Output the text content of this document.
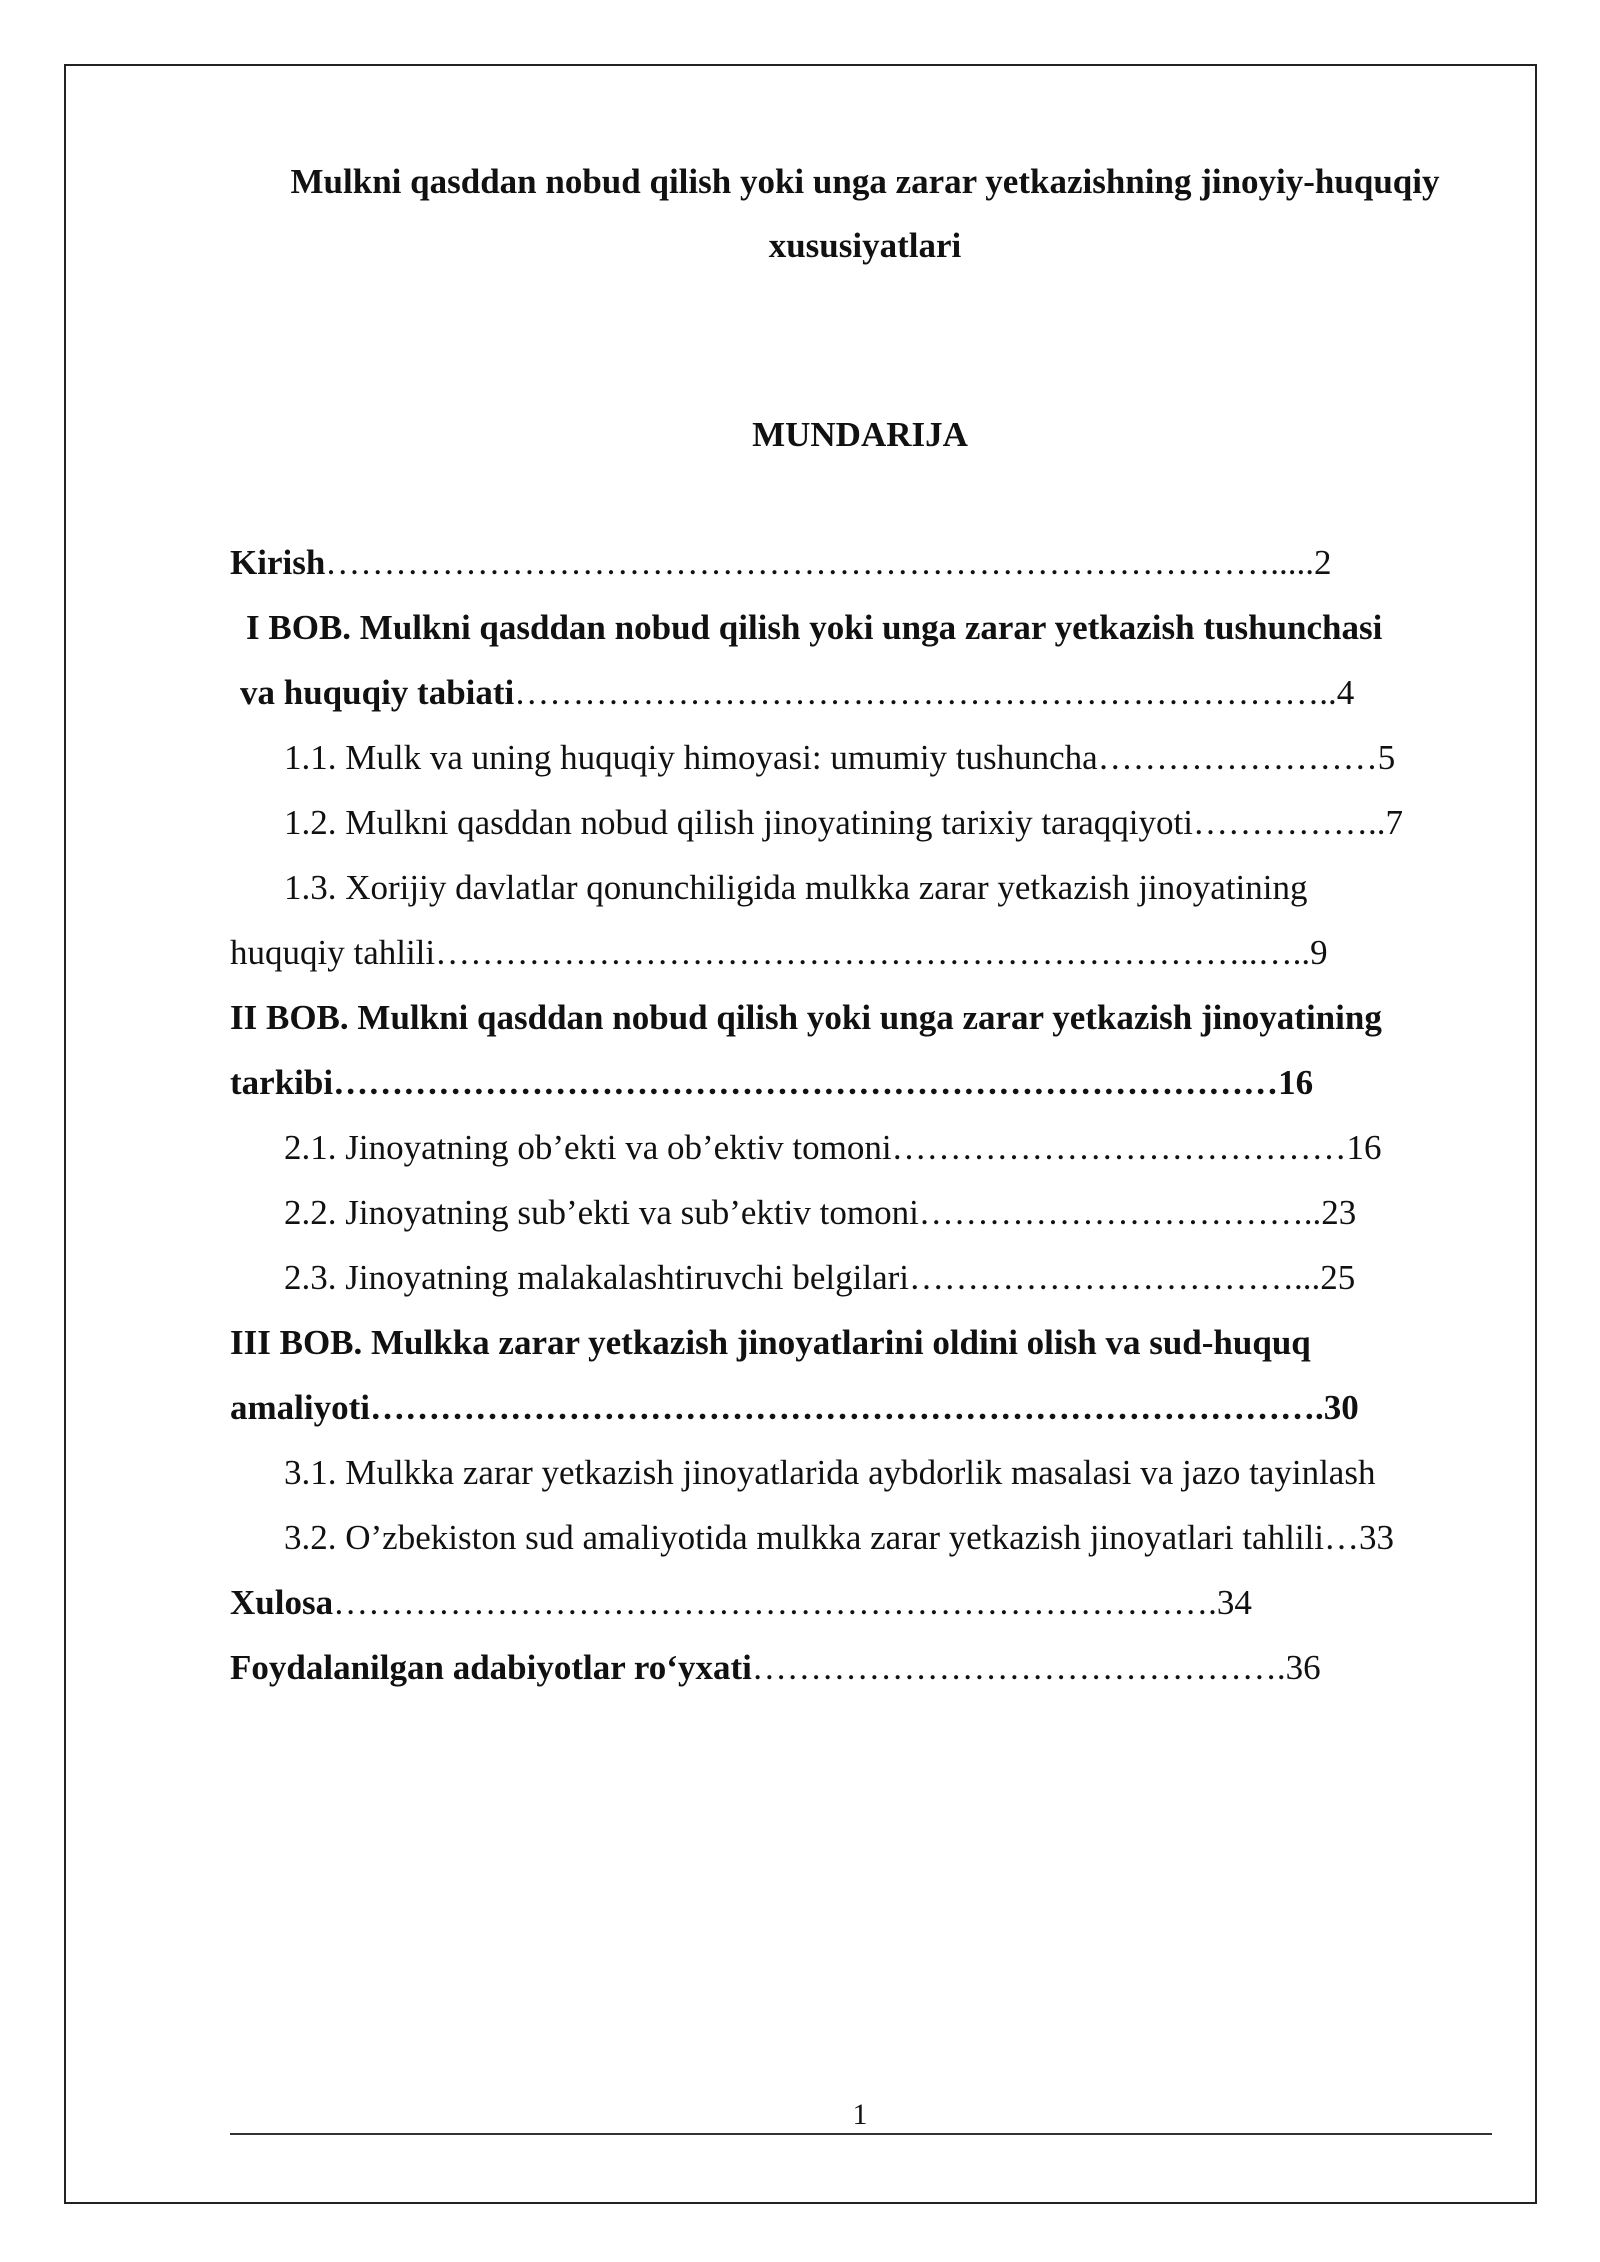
Mulkni qasddan nobud qilish yoki unga zarar yetkazishning jinoyiy-huquqiy
xususiyatlari
MUNDARIJA
Kirish……………………………………………………………………….....2
I BOB. Mulkni qasddan nobud qilish yoki unga zarar yetkazish tushunchasi
va huquqiy tabiati……………………………………………………………..4
1.1. Mulk va uning huquqiy himoyasi: umumiy tushuncha……………………5
1.2. Mulkni qasddan nobud qilish jinoyatining tarixiy taraqqiyoti……………..7
1.3. Xorijiy davlatlar qonunchiligida mulkka zarar yetkazish jinoyatining
huquqiy tahlili……………………………………………………………..…..9
II BOB. Mulkni qasddan nobud qilish yoki unga zarar yetkazish jinoyatining
tarkibi………………………………………………………………………16
2.1. Jinoyatning ob’ekti va ob’ektiv tomoni…………………………………16
2.2. Jinoyatning sub’ekti va sub’ektiv tomoni……………………………..23
2.3. Jinoyatning malakalashtiruvchi belgilari……………………………...25
III BOB. Mulkka zarar yetkazish jinoyatlarini oldini olish va sud-huquq
amaliyoti……………………………………………………………………….30
3.1. Mulkka zarar yetkazish jinoyatlarida aybdorlik masalasi va jazo tayinlash
3.2. O’zbekiston sud amaliyotida mulkka zarar yetkazish jinoyatlari tahlili…33
Xulosa………………………………………………………………….34
Foydalanilgan adabiyotlar ro‘yxati……………………………………….36
1
